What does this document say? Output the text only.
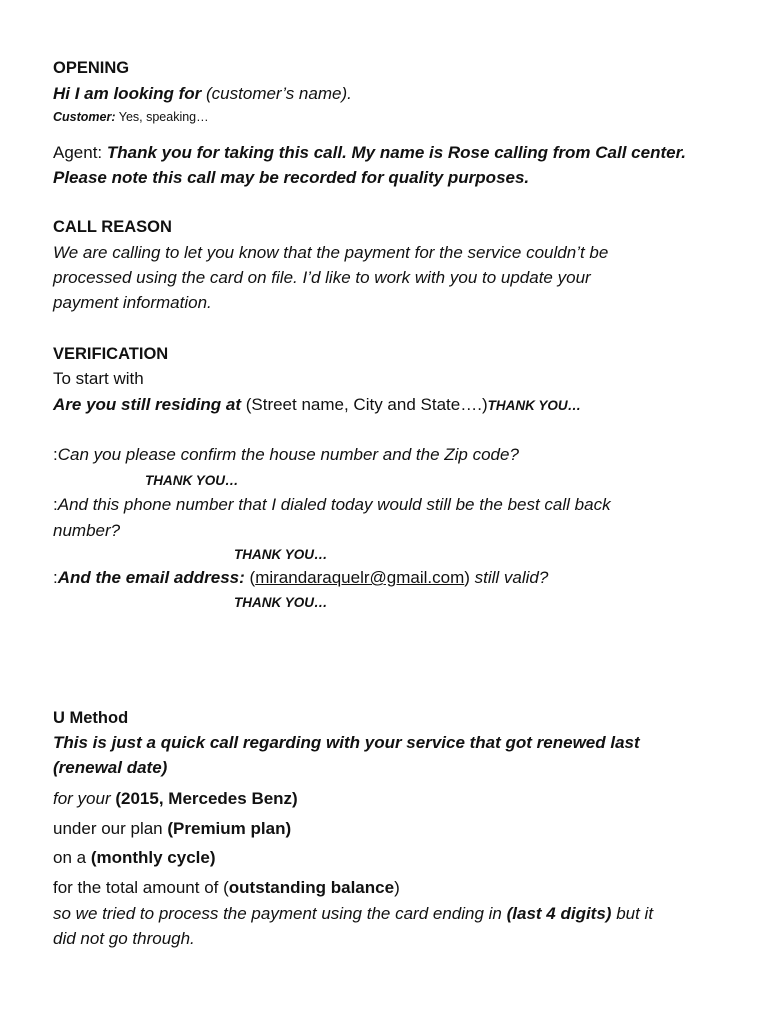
OPENING
Hi I am looking for (customer’s name).
Customer: Yes, speaking…
Agent: Thank you for taking this call. My name is Rose calling from Call center.
Please note this call may be recorded for quality purposes.
CALL REASON
We are calling to let you know that the payment for the service couldn’t be
processed using the card on file. I’d like to work with you to update your
payment information.
VERIFICATION
To start with
Are you still residing at (Street name, City and State….)THANK YOU…
:Can you please confirm the house number and the Zip code?
THANK YOU…
:And this phone number that I dialed today would still be the best call back
number?
THANK YOU…
:And the email address: (mirandaraquelr@gmail.com) still valid?
THANK YOU…
U Method
This is just a quick call regarding with your service that got renewed last
(renewal date)
for your (2015, Mercedes Benz)
under our plan (Premium plan)
on a (monthly cycle)
for the total amount of (outstanding balance)
so we tried to process the payment using the card ending in (last 4 digits) but it
did not go through.
